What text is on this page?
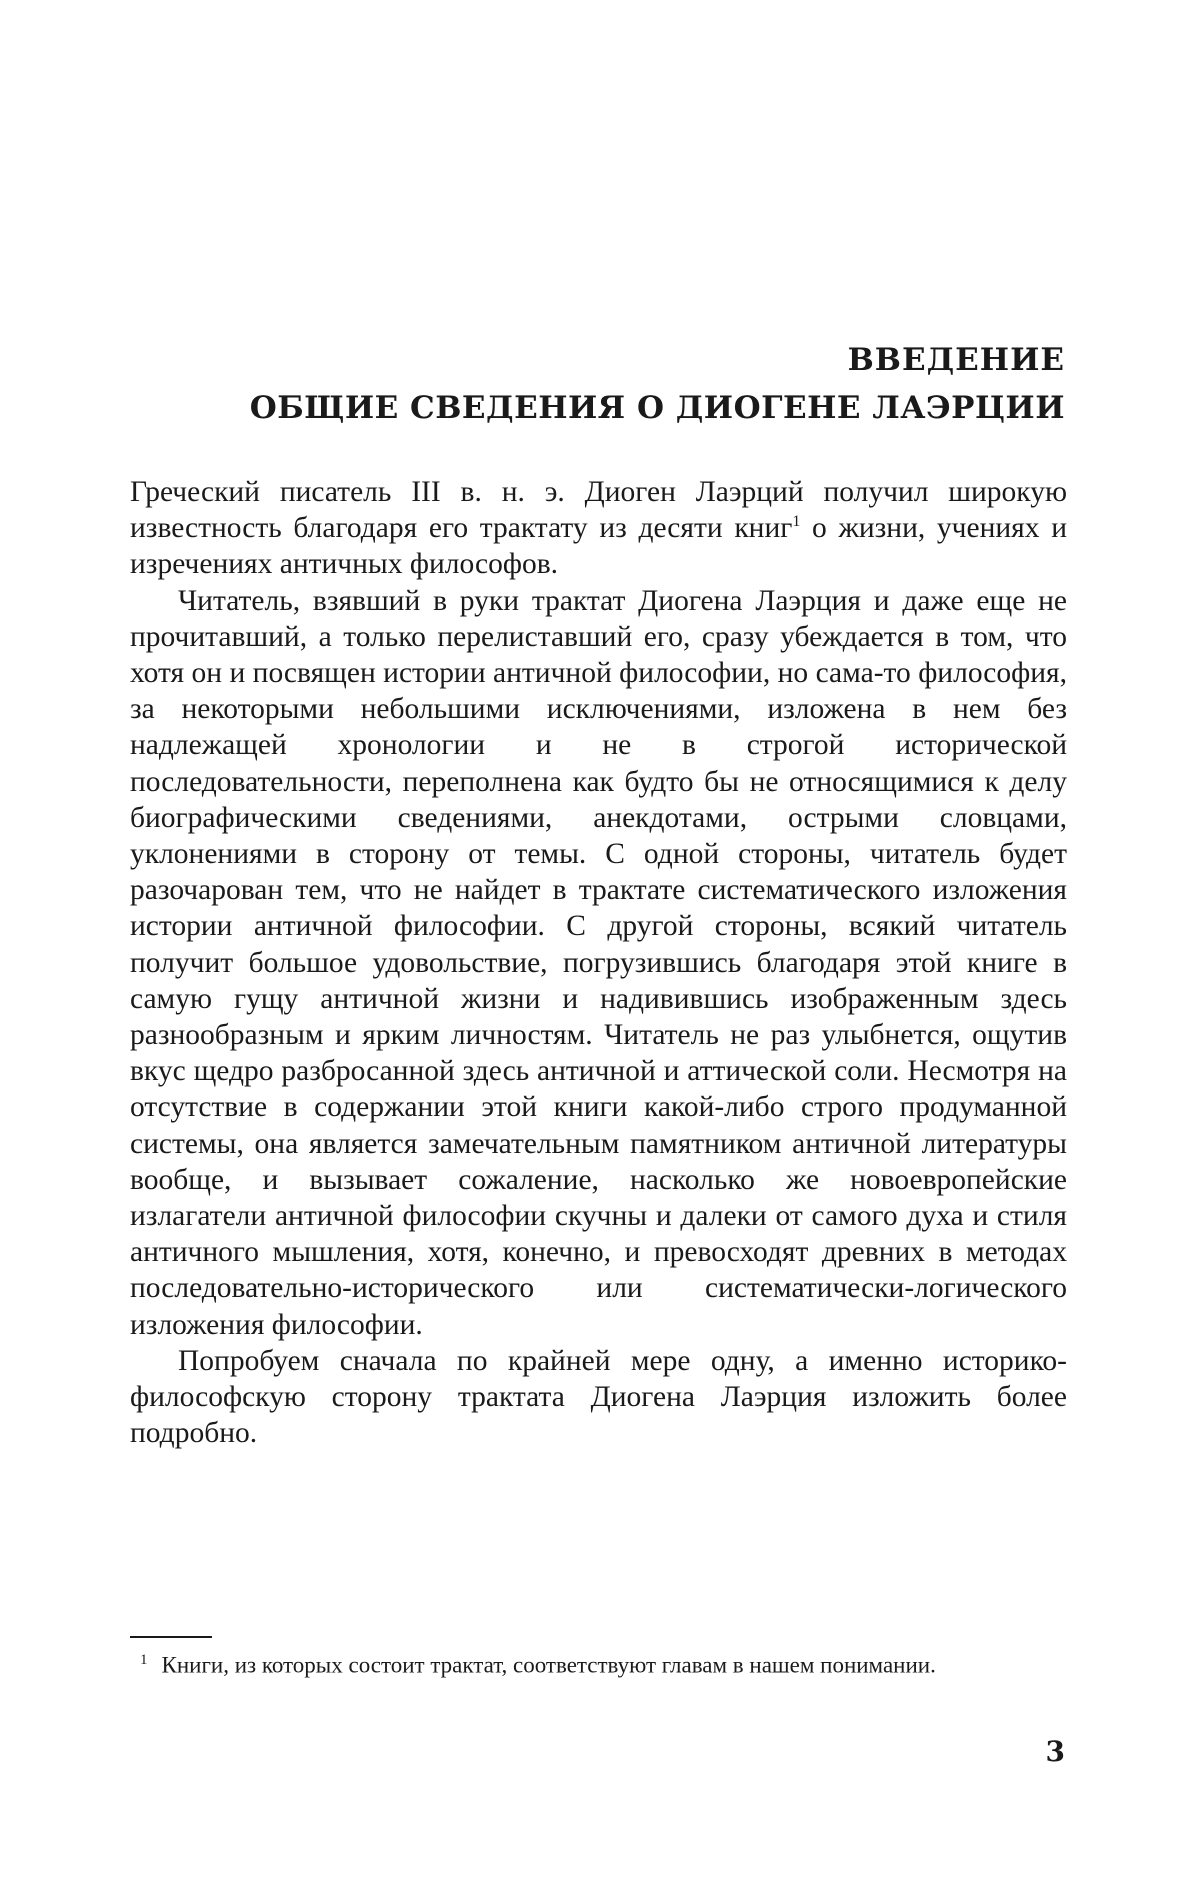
ВВЕДЕНИЕ
ОБЩИЕ СВЕДЕНИЯ О ДИОГЕНЕ ЛАЭРЦИИ

Греческий писатель III в. н. э. Диоген Лаэрций получил широкую известность благодаря его трактату из десяти книг$^1$ о жизни, учениях и изречениях античных философов.

Читатель, взявший в руки трактат Диогена Лаэрция и даже еще не прочитавший, а только перелиставший его, сразу убеждается в том, что хотя он и посвящен истории античной философии, но сама-то философия, за некоторыми небольшими исключениями, изложена в нем без надлежащей хронологии и не в строгой исторической последовательности, переполнена как будто бы не относящимися к делу биографическими сведениями, анекдотами, острыми словцами, уклонениями в сторону от темы. С одной стороны, читатель будет разочарован тем, что не найдет в трактате систематического изложения истории античной философии. С другой стороны, всякий читатель получит большое удовольствие, погрузившись благодаря этой книге в самую гущу античной жизни и надивившись изображенным здесь разнообразным и ярким личностям. Читатель не раз улыбнется, ощутив вкус щедро разбросанной здесь античной и аттической соли. Несмотря на отсутствие в содержании этой книги какой-либо строго продуманной системы, она является замечательным памятником античной литературы вообще, и вызывает сожаление, насколько же новоевропейские излагатели античной философии скучны и далеки от самого духа и стиля античного мышления, хотя, конечно, и превосходят древних в методах последовательно-исторического или систематически-логического изложения философии.

Попробуем сначала по крайней мере одну, а именно историко-философскую сторону трактата Диогена Лаэрция изложить более подробно.

$^1$ Книги, из которых состоит трактат, соответствуют главам в нашем понимании.
3
